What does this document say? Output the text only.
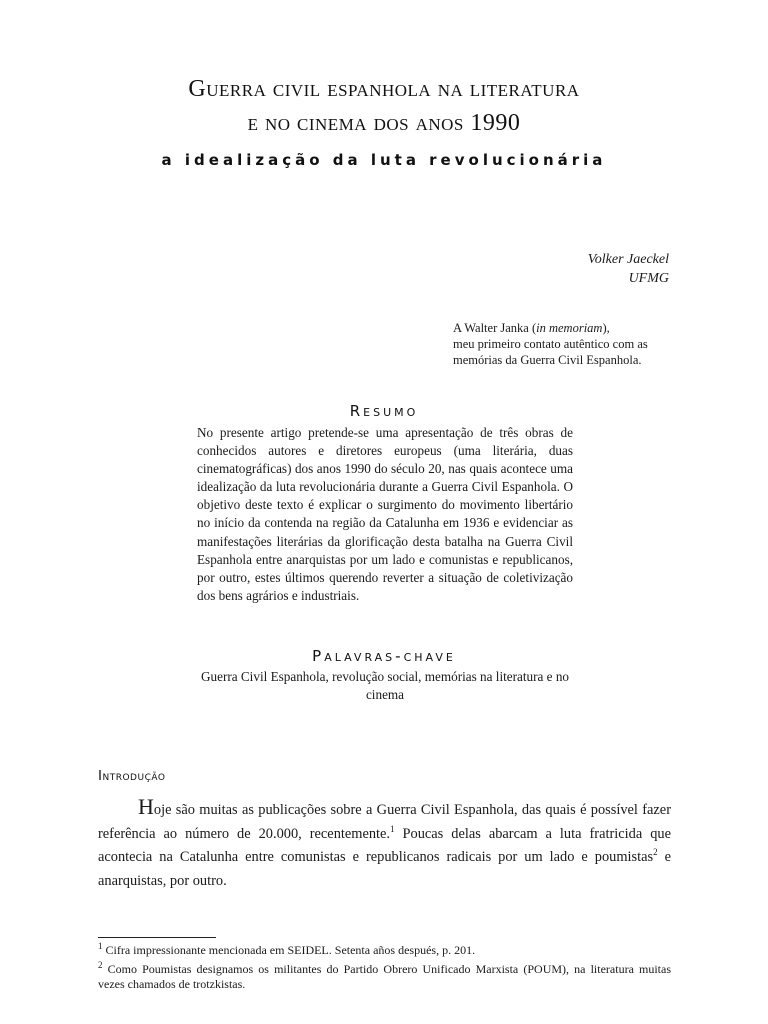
Guerra civil espanhola na literatura
e no cinema dos anos 1990
a idealização da luta revolucionária
Volker Jaeckel
UFMG
A Walter Janka (in memoriam),
meu primeiro contato autêntico com as
memórias da Guerra Civil Espanhola.
Resumo

No presente artigo pretende-se uma apresentação de três obras de conhecidos autores e diretores europeus (uma literária, duas cinematográficas) dos anos 1990 do século 20, nas quais acontece uma idealização da luta revolucionária durante a Guerra Civil Espanhola. O objetivo deste texto é explicar o surgimento do movimento libertário no início da contenda na região da Catalunha em 1936 e evidenciar as manifestações literárias da glorificação desta batalha na Guerra Civil Espanhola entre anarquistas por um lado e comunistas e republicanos, por outro, estes últimos querendo reverter a situação de coletivização dos bens agrários e industriais.

Palavras-chave

Guerra Civil Espanhola, revolução social, memórias na literatura e no cinema

Introdução

Hoje são muitas as publicações sobre a Guerra Civil Espanhola, das quais é possível fazer referência ao número de 20.000, recentemente.$^1$ Poucas delas abarcam a luta fratricida que acontecia na Catalunha entre comunistas e republicanos radicais por um lado e poumistas$^2$ e anarquistas, por outro.

$^1$ Cifra impressionante mencionada em SEIDEL. Setenta años después, p. 201.

$^2$ Como Poumistas designamos os militantes do Partido Obrero Unificado Marxista (POUM), na literatura muitas vezes chamados de trotzkistas.
